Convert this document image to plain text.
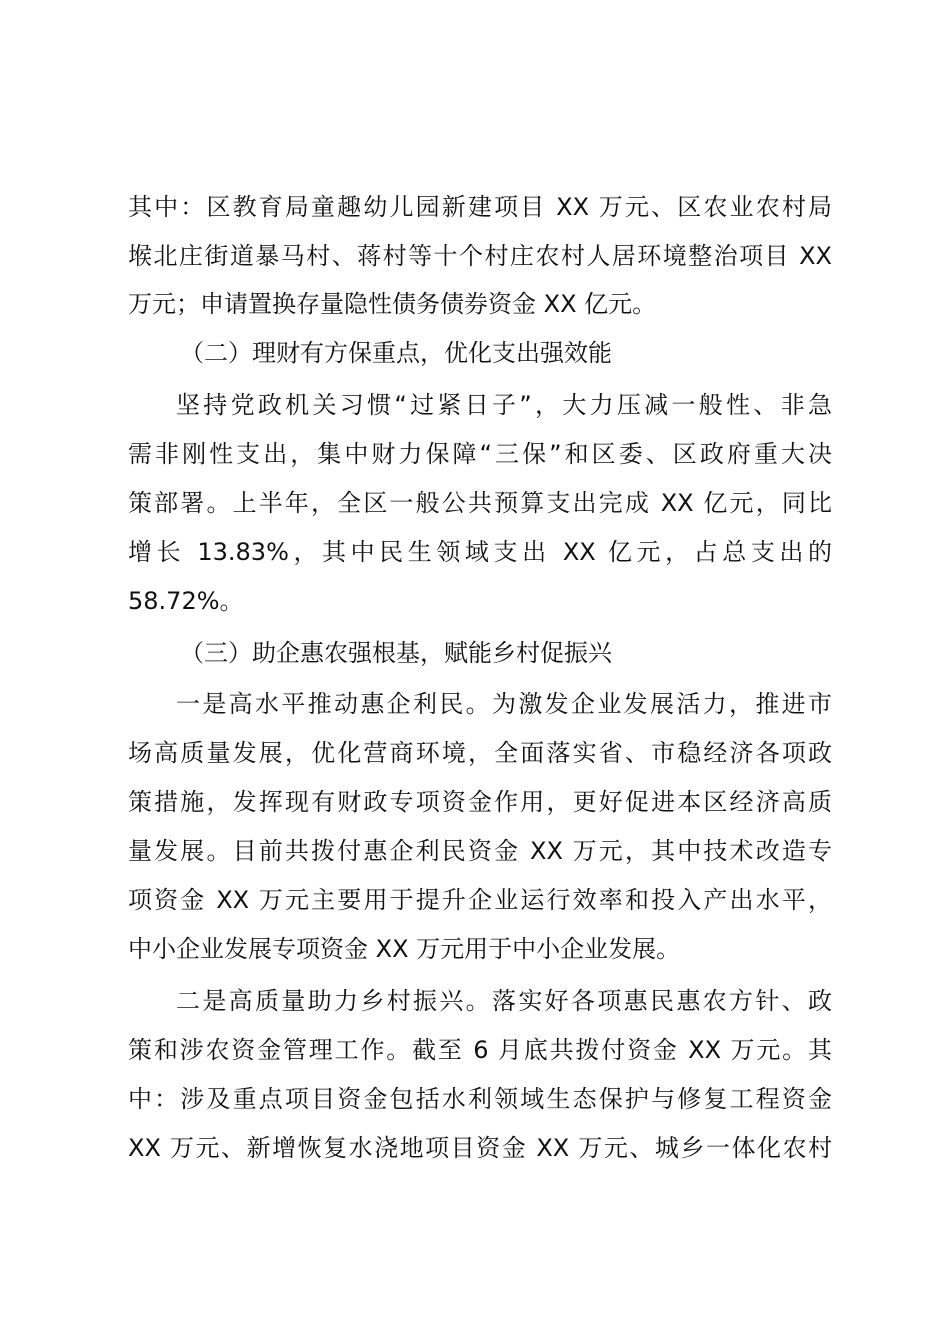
其中：区教育局童趣幼儿园新建项目 XX 万元、区农业农村局
堠北庄街道暴马村、蒋村等十个村庄农村人居环境整治项目 XX
万元；申请置换存量隐性债务债券资金 XX 亿元。
（二）理财有方保重点，优化支出强效能
坚持党政机关习惯“过紧日子”，大力压减一般性、非急
需非刚性支出，集中财力保障“三保”和区委、区政府重大决
策部署。上半年，全区一般公共预算支出完成 XX 亿元，同比
增长 13.83%，其中民生领域支出 XX 亿元，占总支出的
58.72%。
（三）助企惠农强根基，赋能乡村促振兴
一是高水平推动惠企利民。为激发企业发展活力，推进市
场高质量发展，优化营商环境，全面落实省、市稳经济各项政
策措施，发挥现有财政专项资金作用，更好促进本区经济高质
量发展。目前共拨付惠企利民资金 XX 万元，其中技术改造专
项资金 XX 万元主要用于提升企业运行效率和投入产出水平，
中小企业发展专项资金 XX 万元用于中小企业发展。
二是高质量助力乡村振兴。落实好各项惠民惠农方针、政
策和涉农资金管理工作。截至 6 月底共拨付资金 XX 万元。其
中：涉及重点项目资金包括水利领域生态保护与修复工程资金
XX 万元、新增恢复水浇地项目资金 XX 万元、城乡一体化农村
